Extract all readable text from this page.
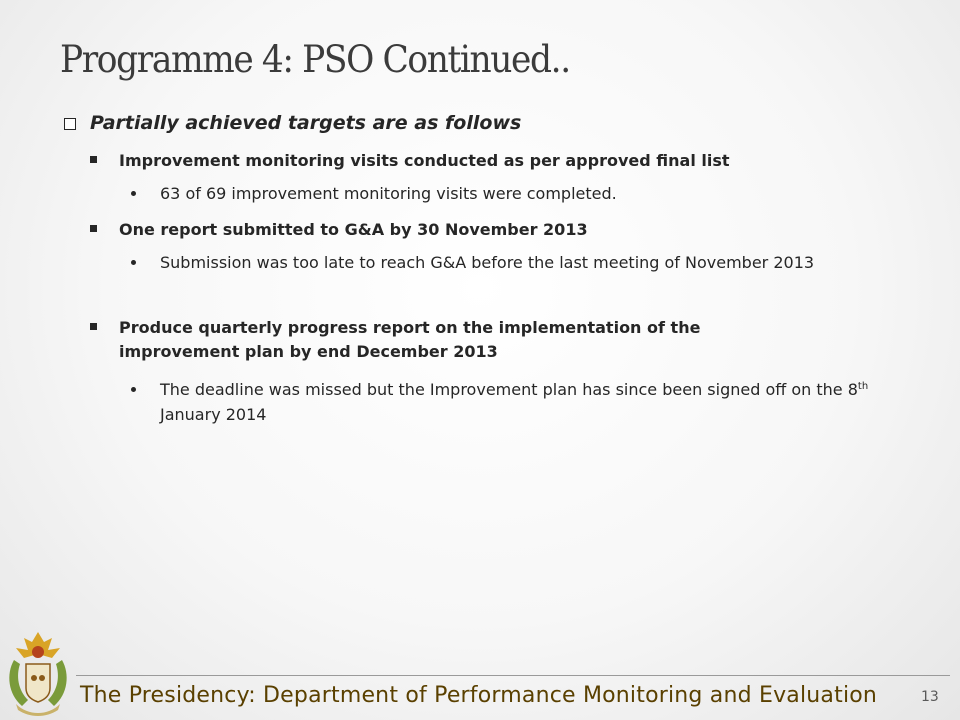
Programme 4: PSO Continued..
Partially achieved targets are as follows
Improvement monitoring visits conducted as per approved final list
63 of 69 improvement monitoring visits were completed.
One report submitted to G&A by 30 November 2013
Submission was too late to reach G&A before the last meeting of November 2013
Produce quarterly progress report on the implementation of the improvement plan by end December 2013
The deadline was missed but the Improvement plan has since been signed off on the 8th January 2014
The Presidency: Department of Performance Monitoring and Evaluation	13
